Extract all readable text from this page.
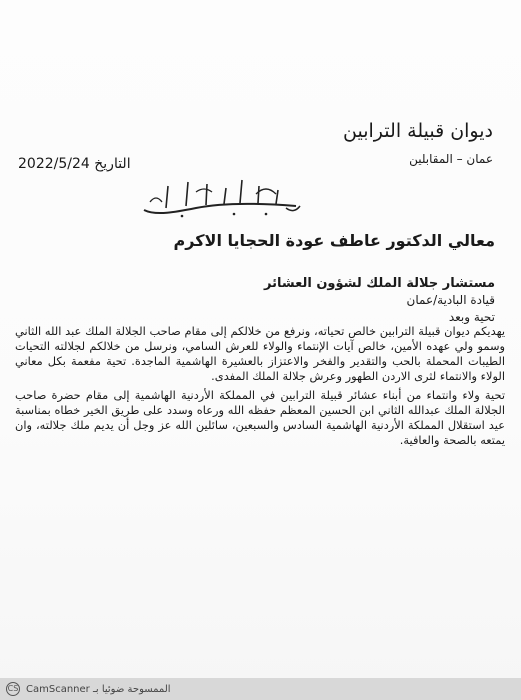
ديوان قبيلة الترابين
عمان – المقابلين
التاريخ 2022/5/24
معالي الدكتور عاطف عودة الحجايا الاكرم
مستشار جلالة الملك لشؤون العشائر
قيادة البادية/عمان
تحية وبعد
يهديكم ديوان قبيلة الترابين خالص تحياته، ونرفع من خلالكم إلى مقام صاحب الجلالة الملك عبد الله الثاني وسمو ولي عهده الأمين، خالص آيات الإنتماء والولاء للعرش السامي، ونرسل من خلالكم لجلالته التحيات الطيبات المحملة بالحب والتقدير والفخر والاعتزاز بالعشيرة الهاشمية الماجدة. تحية مفعمة بكل معاني الولاء والانتماء لثرى الاردن الطهور وعرش جلالة الملك المفدى.
تحية ولاء وانتماء من أبناء عشائر قبيلة الترابين في المملكة الأردنية الهاشمية إلى مقام حضرة صاحب الجلالة الملك عبدالله الثاني ابن الحسين المعظم حفظه الله ورعاه وسدد على طريق الخير خطاه بمناسبة عيد استقلال المملكة الأردنية الهاشمية السادس والسبعين، سائلين الله عز وجل أن يديم ملك جلالته، وان يمتعه بالصحة والعافية.
CS الممسوحة ضوئيا بـ CamScanner
